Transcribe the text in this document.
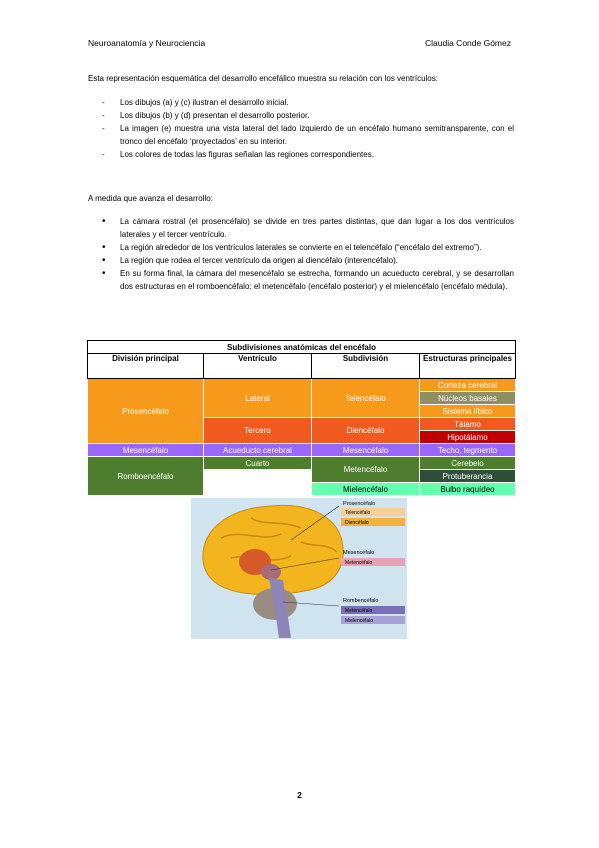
Neuroanatomía y Neurociencia	Claudia Conde Gómez
Esta representación esquemática del desarrollo encefálico muestra su relación con los ventrículos:
- Los dibujos (a) y (c) ilustran el desarrollo inicial.
- Los dibujos (b) y (d) presentan el desarrollo posterior.
- La imagen (e) muestra una vista lateral del lado izquierdo de un encéfalo humano semitransparente, con el tronco del encéfalo ‘proyectados’ en su interior.
- Los colores de todas las figuras señalan las regiones correspondientes.
A medida que avanza el desarrollo:
• La cámara rostral (el prosencéfalo) se divide en tres partes distintas, que dan lugar a los dos ventrículos laterales y el tercer ventrículo.
• La región alrededor de los ventrículos laterales se convierte en el telencéfalo (“encéfalo del extremo”).
• La región que rodea el tercer ventrículo da origen al diencéfalo (interencéfalo).
• En su forma final, la cámara del mesencéfalo se estrecha, formando un acueducto cerebral, y se desarrollan dos estructuras en el romboencéfalo: el metencéfalo (encéfalo posterior) y el mielencéfalo (encéfalo médula).
Subdivisiones anatómicas del encéfalo			
División principal	Ventrículo	Subdivisión	Estructuras principales
Prosencéfalo	Lateral	Telencéfalo	Corteza cerebral
			Núcleos basales
			Sistema líbico
	Tercero	Diencéfalo	Tálamo
			Hipotálamo
Mesencéfalo	Acueducto cerebral	Mesencéfalo	Techo, tegmento
Romboencéfalo	Cuarto	Metencéfalo	Cerebelo
			Protuberancia
		Mielencéfalo	Bulbo raquídeo
Prosencéfalo
Telencéfalo
Diencéfalo
Mesencéfalo
Metencéfalo
Rombencéfalo
Metencéfalo
Mielencéfalo
2
